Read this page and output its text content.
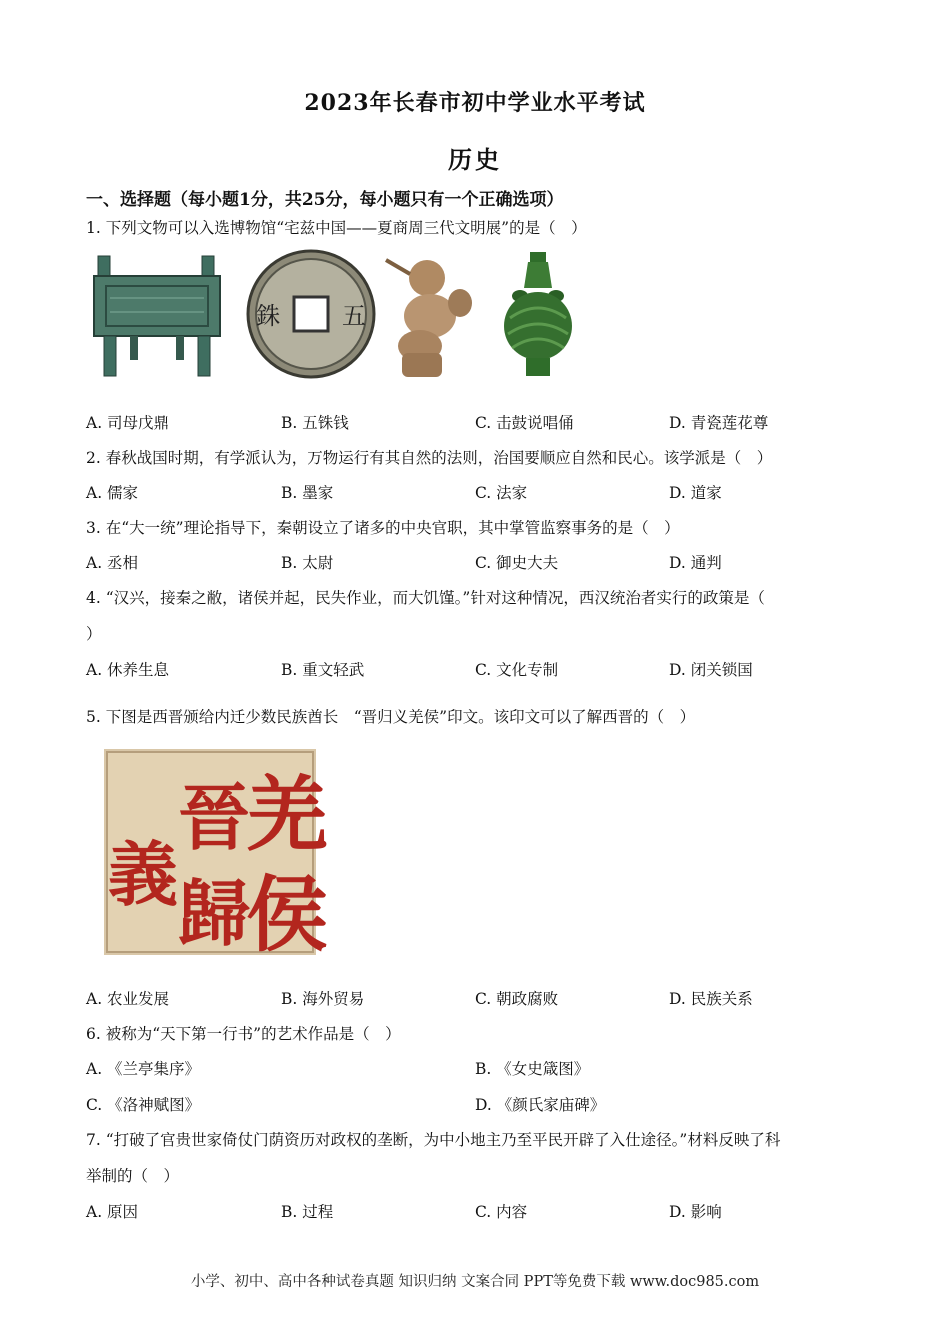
2023年长春市初中学业水平考试
历史
一、选择题（每小题1分，共25分，每小题只有一个正确选项）
1. 下列文物可以入选博物馆“宅兹中国——夏商周三代文明展”的是（　）
五
銖
A. 司母戊鼎	B. 五铢钱	C. 击鼓说唱俑	D. 青瓷莲花尊
2. 春秋战国时期，有学派认为，万物运行有其自然的法则，治国要顺应自然和民心。该学派是（　）
A. 儒家	B. 墨家	C. 法家	D. 道家
3. 在“大一统”理论指导下，秦朝设立了诸多的中央官职，其中掌管监察事务的是（　）
A. 丞相	B. 太尉	C. 御史大夫	D. 通判
4. “汉兴，接秦之敝，诸侯并起，民失作业，而大饥馑。”针对这种情况，西汉统治者实行的政策是（
）
A. 休养生息	B. 重文轻武	C. 文化专制	D. 闭关锁国
5. 下图是西晋颁给内迁少数民族酋长　“晋归义羌侯”印文。该印文可以了解西晋的（　）
羌
侯
晉
歸
義
A. 农业发展	B. 海外贸易	C. 朝政腐败	D. 民族关系
6. 被称为“天下第一行书”的艺术作品是（　）
A. 《兰亭集序》	B. 《女史箴图》
C. 《洛神赋图》	D. 《颜氏家庙碑》
7. “打破了官贵世家倚仗门荫资历对政权的垄断，为中小地主乃至平民开辟了入仕途径。”材料反映了科
举制的（　）
A. 原因	B. 过程	C. 内容	D. 影响
小学、初中、高中各种试卷真题 知识归纳 文案合同 PPT等免费下载 www.doc985.com
